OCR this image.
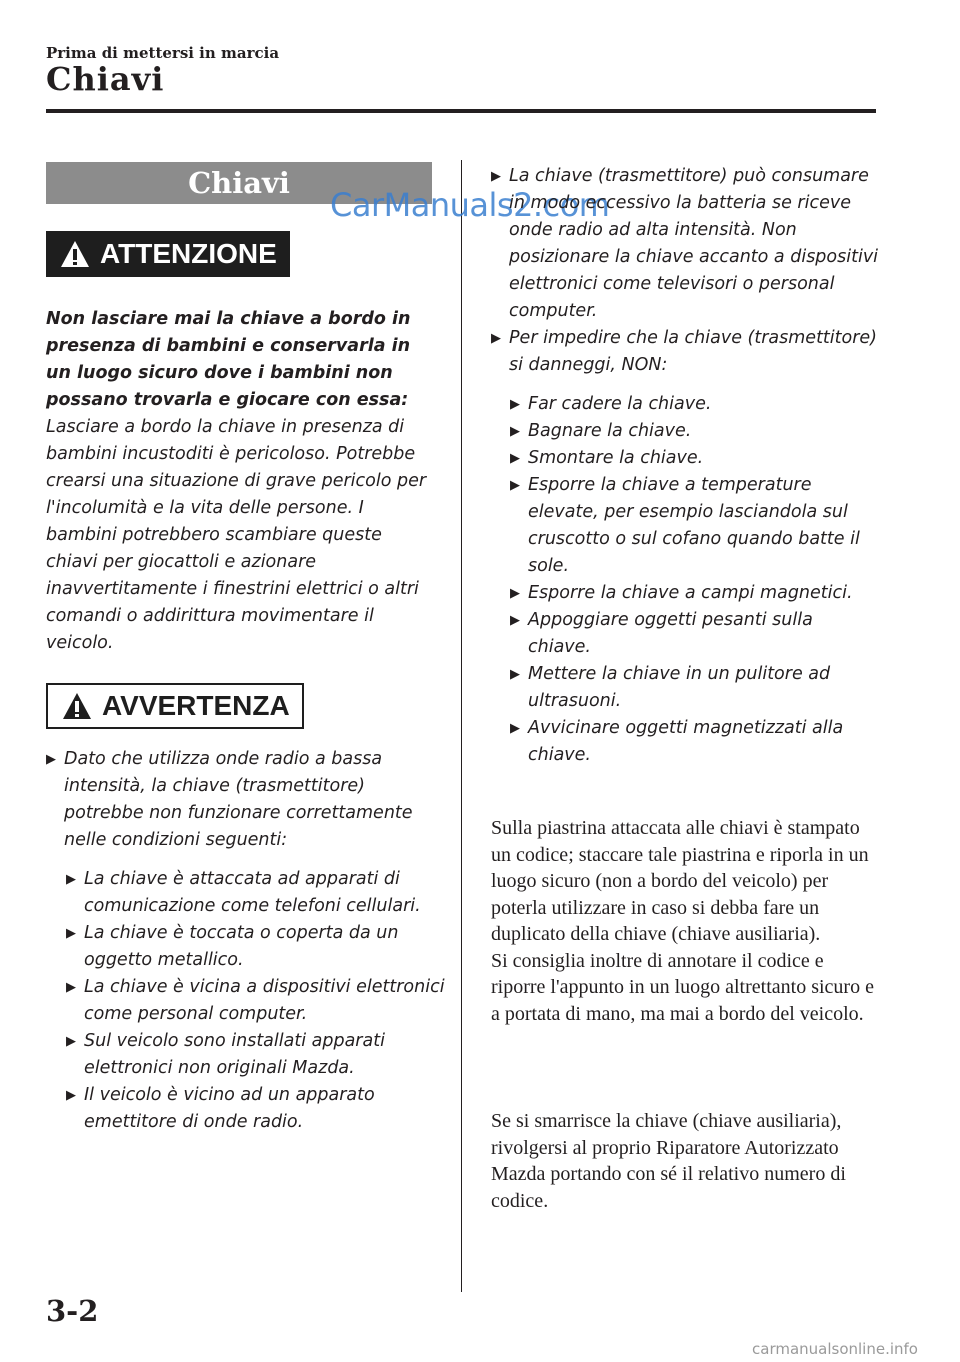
Prima di mettersi in marcia
Chiavi
Chiavi
CarManuals2.com
ATTENZIONE
Non lasciare mai la chiave a bordo in presenza di bambini e conservarla in un luogo sicuro dove i bambini non possano trovarla e giocare con essa:
Lasciare a bordo la chiave in presenza di bambini incustoditi è pericoloso. Potrebbe crearsi una situazione di grave pericolo per l'incolumità e la vita delle persone. I bambini potrebbero scambiare queste chiavi per giocattoli e azionare inavvertitamente i finestrini elettrici o altri comandi o addirittura movimentare il veicolo.
AVVERTENZA
▶ Dato che utilizza onde radio a bassa intensità, la chiave (trasmettitore) potrebbe non funzionare correttamente nelle condizioni seguenti:
▶ La chiave è attaccata ad apparati di comunicazione come telefoni cellulari.
▶ La chiave è toccata o coperta da un oggetto metallico.
▶ La chiave è vicina a dispositivi elettronici come personal computer.
▶ Sul veicolo sono installati apparati elettronici non originali Mazda.
▶ Il veicolo è vicino ad un apparato emettitore di onde radio.
▶ La chiave (trasmettitore) può consumare in modo eccessivo la batteria se riceve onde radio ad alta intensità. Non posizionare la chiave accanto a dispositivi elettronici come televisori o personal computer.
▶ Per impedire che la chiave (trasmettitore) si danneggi, NON:
▶ Far cadere la chiave.
▶ Bagnare la chiave.
▶ Smontare la chiave.
▶ Esporre la chiave a temperature elevate, per esempio lasciandola sul cruscotto o sul cofano quando batte il sole.
▶ Esporre la chiave a campi magnetici.
▶ Appoggiare oggetti pesanti sulla chiave.
▶ Mettere la chiave in un pulitore ad ultrasuoni.
▶ Avvicinare oggetti magnetizzati alla chiave.
Sulla piastrina attaccata alle chiavi è stampato un codice; staccare tale piastrina e riporla in un luogo sicuro (non a bordo del veicolo) per poterla utilizzare in caso si debba fare un duplicato della chiave (chiave ausiliaria).
Si consiglia inoltre di annotare il codice e riporre l'appunto in un luogo altrettanto sicuro e a portata di mano, ma mai a bordo del veicolo.
Se si smarrisce la chiave (chiave ausiliaria), rivolgersi al proprio Riparatore Autorizzato Mazda portando con sé il relativo numero di codice.
3-2
carmanualsonline.info
